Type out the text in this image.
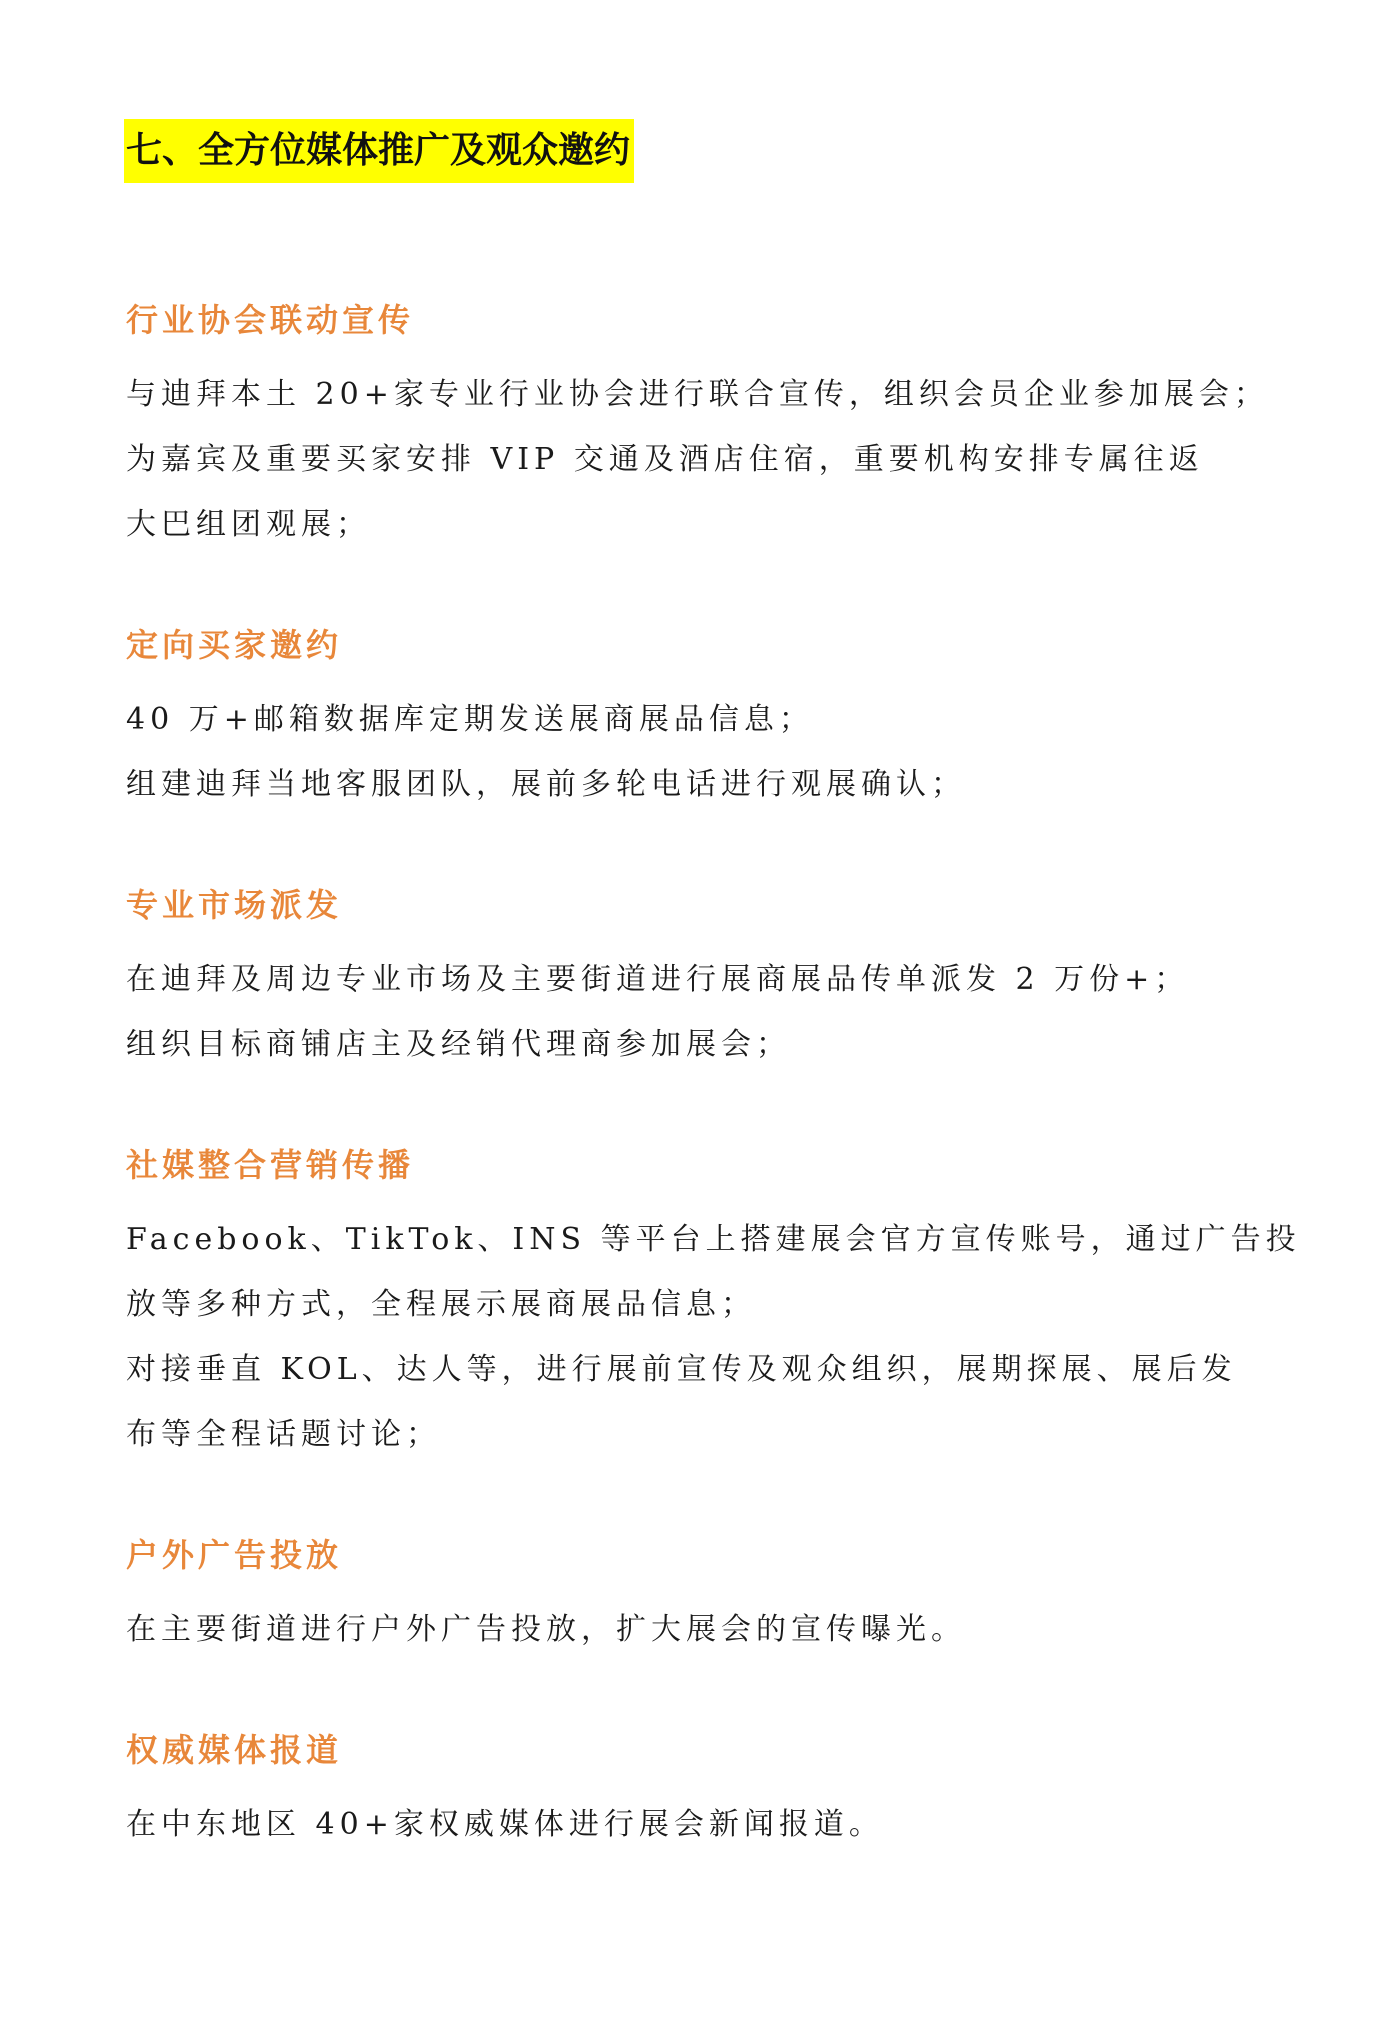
七、全方位媒体推广及观众邀约
行业协会联动宣传

与迪拜本土 20+家专业行业协会进行联合宣传，组织会员企业参加展会；

为嘉宾及重要买家安排 VIP 交通及酒店住宿，重要机构安排专属往返

大巴组团观展；

定向买家邀约

40 万+邮箱数据库定期发送展商展品信息；

组建迪拜当地客服团队，展前多轮电话进行观展确认；

专业市场派发

在迪拜及周边专业市场及主要街道进行展商展品传单派发 2 万份+；

组织目标商铺店主及经销代理商参加展会；

社媒整合营销传播

Facebook、TikTok、INS 等平台上搭建展会官方宣传账号，通过广告投

放等多种方式，全程展示展商展品信息；

对接垂直 KOL、达人等，进行展前宣传及观众组织，展期探展、展后发

布等全程话题讨论；

户外广告投放

在主要街道进行户外广告投放，扩大展会的宣传曝光。

权威媒体报道

在中东地区 40+家权威媒体进行展会新闻报道。
